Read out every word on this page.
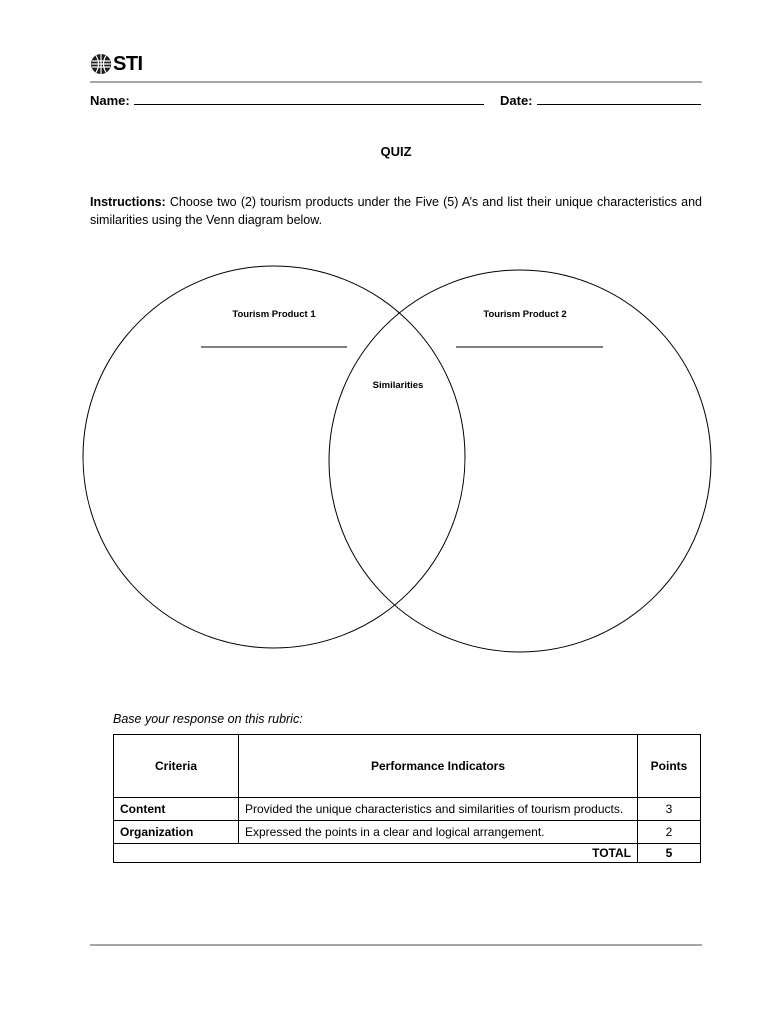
STI
Name:	Date:
QUIZ
Instructions: Choose two (2) tourism products under the Five (5) A’s and list their unique characteristics and similarities using the Venn diagram below.
Tourism Product 1	Tourism Product 2
Similarities
Base your response on this rubric:
Criteria	Performance Indicators	Points
Content	Provided the unique characteristics and similarities of tourism products.	3
Organization	Expressed the points in a clear and logical arrangement.	2
TOTAL		5
